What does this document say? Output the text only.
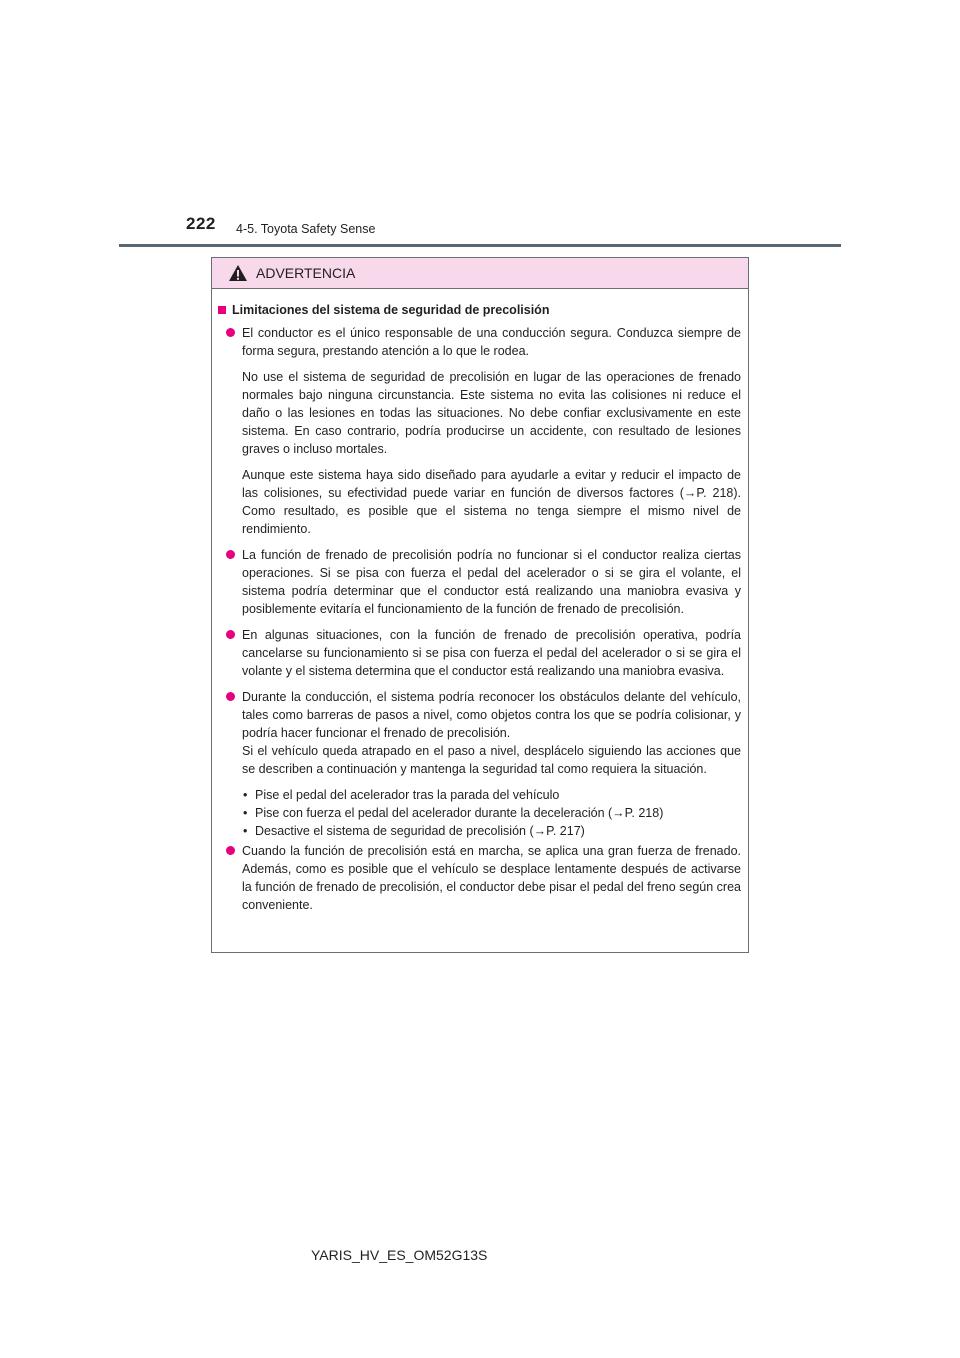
222 4-5. Toyota Safety Sense
ADVERTENCIA
Limitaciones del sistema de seguridad de precolisión
El conductor es el único responsable de una conducción segura. Conduzca siempre de forma segura, prestando atención a lo que le rodea.
No use el sistema de seguridad de precolisión en lugar de las operaciones de frenado normales bajo ninguna circunstancia. Este sistema no evita las colisiones ni reduce el daño o las lesiones en todas las situaciones. No debe confiar exclusivamente en este sistema. En caso contrario, podría producirse un accidente, con resultado de lesiones graves o incluso mortales.
Aunque este sistema haya sido diseñado para ayudarle a evitar y reducir el impacto de las colisiones, su efectividad puede variar en función de diversos factores (→P. 218). Como resultado, es posible que el sistema no tenga siempre el mismo nivel de rendimiento.
La función de frenado de precolisión podría no funcionar si el conductor realiza ciertas operaciones. Si se pisa con fuerza el pedal del acelerador o si se gira el volante, el sistema podría determinar que el conductor está realizando una maniobra evasiva y posiblemente evitaría el funcionamiento de la función de frenado de precolisión.
En algunas situaciones, con la función de frenado de precolisión operativa, podría cancelarse su funcionamiento si se pisa con fuerza el pedal del acelerador o si se gira el volante y el sistema determina que el conductor está realizando una maniobra evasiva.
Durante la conducción, el sistema podría reconocer los obstáculos delante del vehículo, tales como barreras de pasos a nivel, como objetos contra los que se podría colisionar, y podría hacer funcionar el frenado de precolisión.
Si el vehículo queda atrapado en el paso a nivel, desplácelo siguiendo las acciones que se describen a continuación y mantenga la seguridad tal como requiera la situación.
• Pise el pedal del acelerador tras la parada del vehículo
• Pise con fuerza el pedal del acelerador durante la deceleración (→P. 218)
• Desactive el sistema de seguridad de precolisión (→P. 217)
Cuando la función de precolisión está en marcha, se aplica una gran fuerza de frenado. Además, como es posible que el vehículo se desplace lentamente después de activarse la función de frenado de precolisión, el conductor debe pisar el pedal del freno según crea conveniente.
YARIS_HV_ES_OM52G13S
